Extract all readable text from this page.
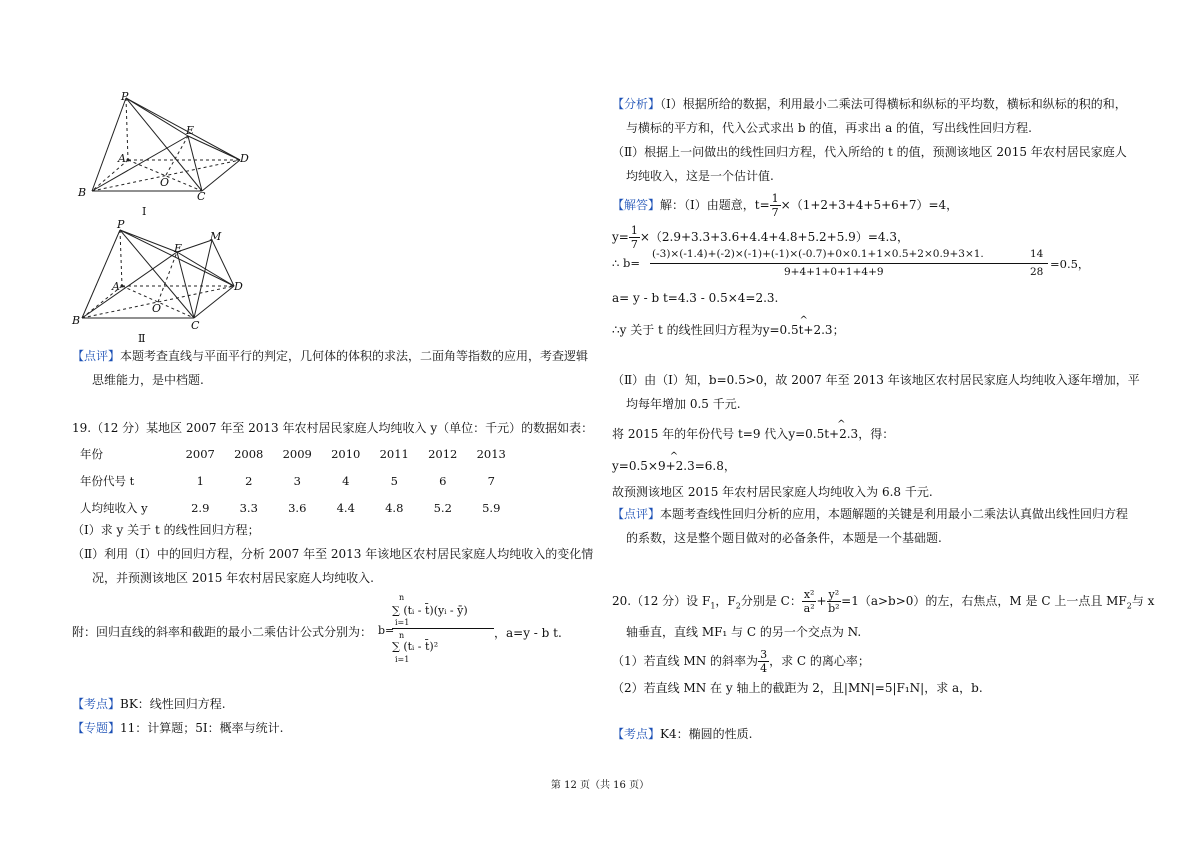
P
E
A	D
O
B	C
Ⅰ
P
E
M
A	D
O
B	C
Ⅱ
【点评】本题考查直线与平面平行的判定，几何体的体积的求法，二面角等指数的应用，考查逻辑
思维能力，是中档题.
19.（12 分）某地区 2007 年至 2013 年农村居民家庭人均纯收入 y（单位：千元）的数据如表：
年份	2007	2008	2009	2010	2011	2012	2013
年份代号 t	1	2	3	4	5	6	7
人均纯收入 y	2.9	3.3	3.6	4.4	4.8	5.2	5.9
（Ⅰ）求 y 关于 t 的线性回归方程；
（Ⅱ）利用（Ⅰ）中的回归方程，分析 2007 年至 2013 年该地区农村居民家庭人均纯收入的变化情
况，并预测该地区 2015 年农村居民家庭人均纯收入.
附：回归直线的斜率和截距的最小二乘估计公式分别为： b=
n
i=1
∑ (tᵢ - t̄)(yᵢ - ȳ)
n
∑ (tᵢ - t̄)²
i=1
，a=y - b t.
【考点】BK：线性回归方程.
【专题】11：计算题；5I：概率与统计.
【分析】（Ⅰ）根据所给的数据，利用最小二乘法可得横标和纵标的平均数，横标和纵标的积的和，
与横标的平方和，代入公式求出 b 的值，再求出 a 的值，写出线性回归方程.
（Ⅱ）根据上一问做出的线性回归方程，代入所给的 t 的值，预测该地区 2015 年农村居民家庭人
均纯收入，这是一个估计值.
【解答】解：（Ⅰ）由题意，$t= \frac{1}{7} \times(1+2+3+4+5+6+7)=4$，
$y= \frac{1}{7} \times(2.9+3.3+3.6+4.4+4.8+5.2+5.9)=4.3$，
∴ b=
(-3)×(-1.4)+(-2)×(-1)+(-1)×(-0.7)+0×0.1+1×0.5+2×0.9+3×1.	14
9+4+1+0+1+4+9	28
=0.5，
a= y - b t=4.3 - 0.5×4=2.3.
∴y 关于 t 的线性回归方程为^ y=0.5t+2.3；
（Ⅱ）由（Ⅰ）知，b=0.5>0，故 2007 年至 2013 年该地区农村居民家庭人均纯收入逐年增加，平
均每年增加 0.5 千元.
将 2015 年的年份代号 t=9 代入^ y=0.5t+2.3，得：
^ y=0.5×9+2.3=6.8，
故预测该地区 2015 年农村居民家庭人均纯收入为 6.8 千元.
【点评】本题考查线性回归分析的应用，本题解题的关键是利用最小二乘法认真做出线性回归方程
的系数，这是整个题目做对的必备条件，本题是一个基础题.
20.（12 分）设 $F_1$，$F_2$分别是 C： $\frac{\text{x²}}{\text{a²}} + \frac{\text{y²}}{\text{b²}} =1(a>b>0)$的左，右焦点，M 是 C 上一点且 $MF_2$与 x
轴垂直，直线 MF₁ 与 C 的另一个交点为 N.
（1）若直线 MN 的斜率为 $\frac{3}{4}$ ，求 C 的离心率；
（2）若直线 MN 在 y 轴上的截距为 2，且|MN|=5|F₁N|，求 a，b.
【考点】K4：椭圆的性质.
第 12 页（共 16 页）
